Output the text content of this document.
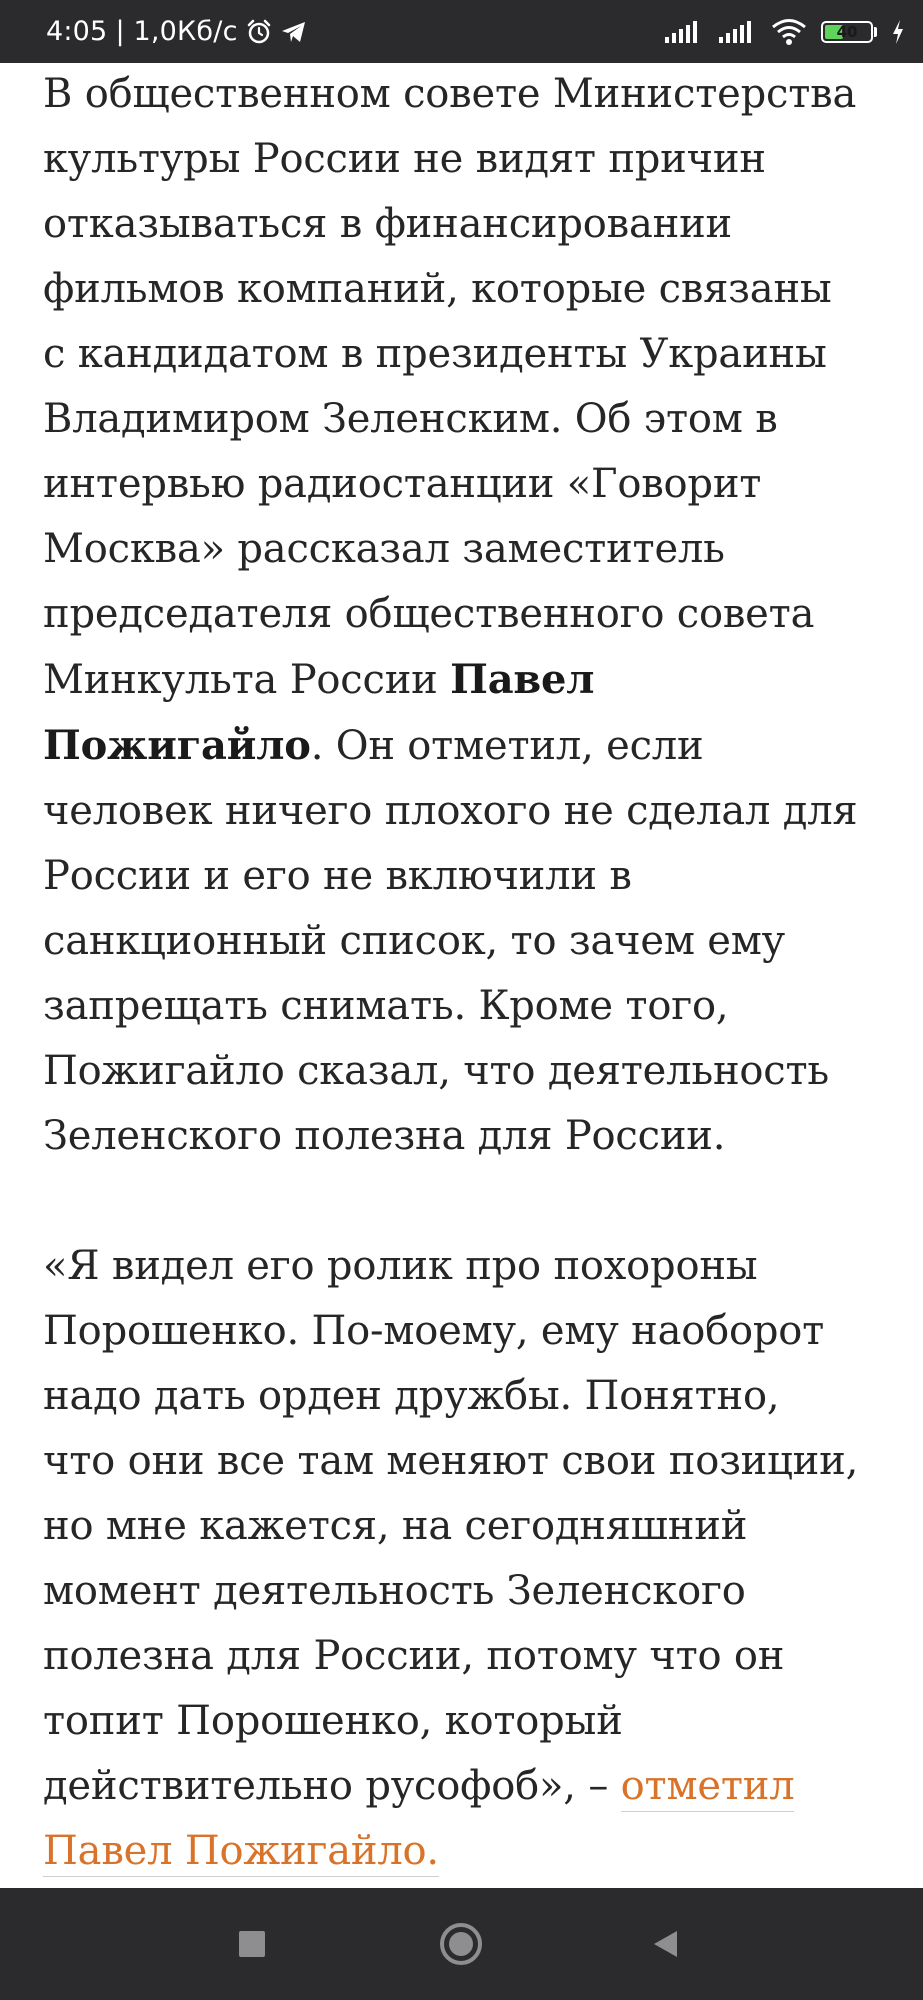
4:05 | 1,0Кб/с	40

В общественном совете Министерства культуры России не видят причин отказываться в финансировании фильмов компаний, которые связаны с кандидатом в президенты Украины Владимиром Зеленским. Об этом в интервью радиостанции «Говорит Москва» рассказал заместитель председателя общественного совета Минкульта России Павел Пожигайло. Он отметил, если человек ничего плохого не сделал для России и его не включили в санкционный список, то зачем ему запрещать снимать. Кроме того, Пожигайло сказал, что деятельность Зеленского полезна для России.

«Я видел его ролик про похороны Порошенко. По-моему, ему наоборот надо дать орден дружбы. Понятно, что они все там меняют свои позиции, но мне кажется, на сегодняшний момент деятельность Зеленского полезна для России, потому что он топит Порошенко, который действительно русофоб», – отметил Павел Пожигайло.
